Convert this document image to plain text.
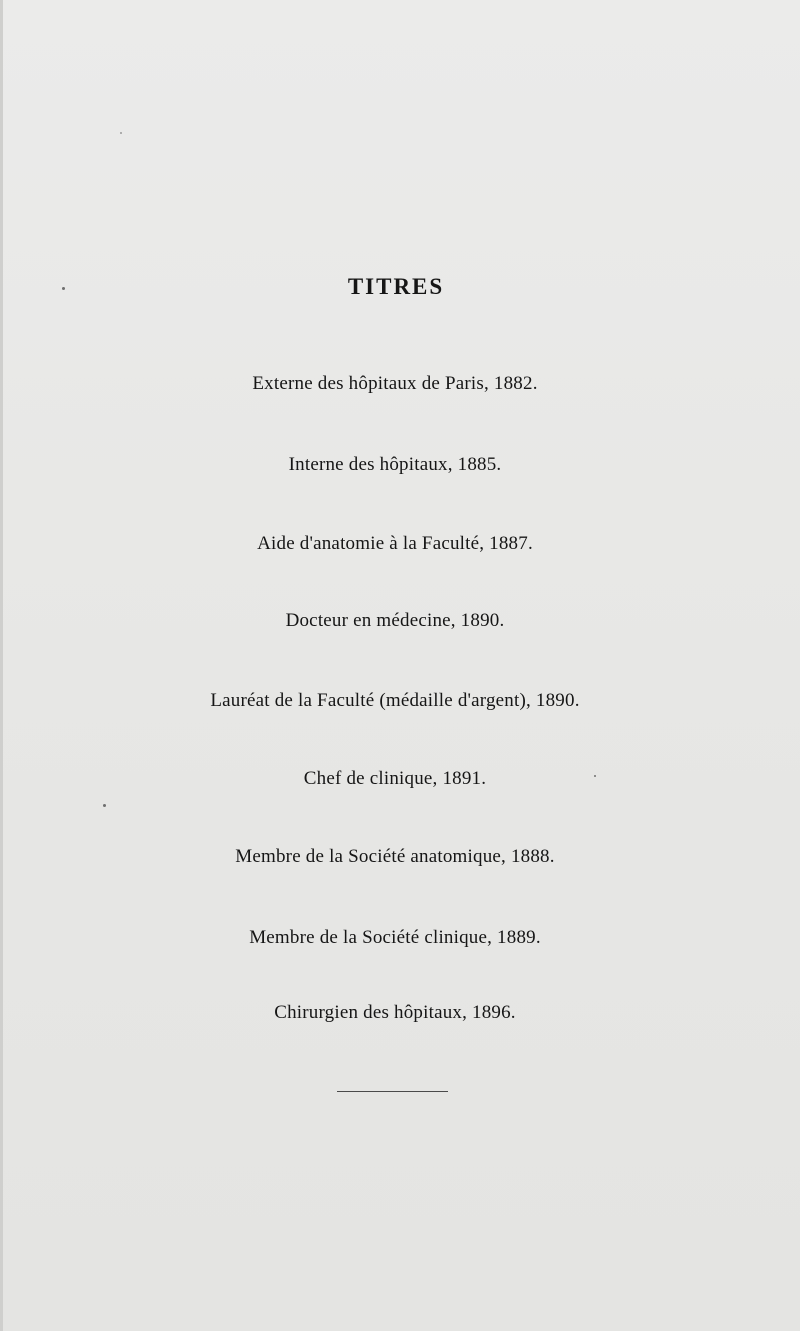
TITRES

Externe des hôpitaux de Paris, 1882.

Interne des hôpitaux, 1885.

Aide d'anatomie à la Faculté, 1887.

Docteur en médecine, 1890.

Lauréat de la Faculté (médaille d'argent), 1890.

Chef de clinique, 1891.

Membre de la Société anatomique, 1888.

Membre de la Société clinique, 1889.

Chirurgien des hôpitaux, 1896.
